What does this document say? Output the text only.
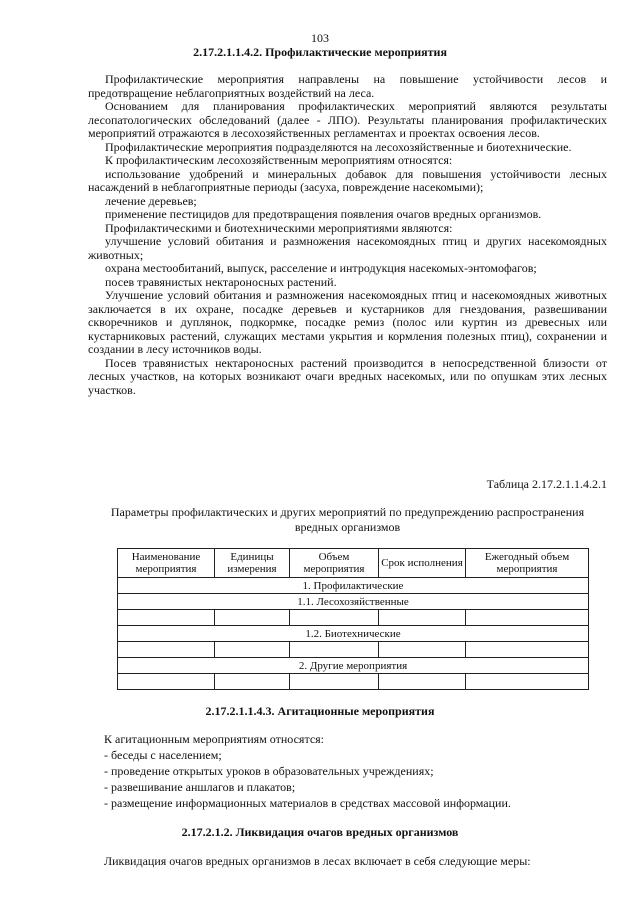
103
2.17.2.1.1.4.2. Профилактические мероприятия

Профилактические мероприятия направлены на повышение устойчивости лесов и предотвращение неблагоприятных воздействий на леса.

Основанием для планирования профилактических мероприятий являются результаты лесопатологических обследований (далее - ЛПО). Результаты планирования профилактических мероприятий отражаются в лесохозяйственных регламентах и проектах освоения лесов.

Профилактические мероприятия подразделяются на лесохозяйственные и биотехнические.

К профилактическим лесохозяйственным мероприятиям относятся:

использование удобрений и минеральных добавок для повышения устойчивости лесных насаждений в неблагоприятные периоды (засуха, повреждение насекомыми);

лечение деревьев;

применение пестицидов для предотвращения появления очагов вредных организмов.

Профилактическими и биотехническими мероприятиями являются:

улучшение условий обитания и размножения насекомоядных птиц и других насекомоядных животных;

охрана местообитаний, выпуск, расселение и интродукция насекомых-энтомофагов;

посев травянистых нектароносных растений.

Улучшение условий обитания и размножения насекомоядных птиц и насекомоядных животных заключается в их охране, посадке деревьев и кустарников для гнездования, развешивании скворечников и дуплянок, подкормке, посадке ремиз (полос или куртин из древесных или кустарниковых растений, служащих местами укрытия и кормления полезных птиц), сохранении и создании в лесу источников воды.

Посев травянистых нектароносных растений производится в непосредственной близости от лесных участков, на которых возникают очаги вредных насекомых, или по опушкам этих лесных участков.

Таблица 2.17.2.1.1.4.2.1
Параметры профилактических и других мероприятий по предупреждению распространения вредных организмов
Наименование мероприятия	Единицы измерения	Объем мероприятия	Срок исполнения	Ежегодный объем мероприятия
1. Профилактические				
1.1. Лесохозяйственные				

1.2. Биотехнические				

2. Другие мероприятия				

2.17.2.1.1.4.3. Агитационные мероприятия
К агитационным мероприятиям относятся:
- беседы с населением;
- проведение открытых уроков в образовательных учреждениях;
- развешивание аншлагов и плакатов;
- размещение информационных материалов в средствах массовой информации.
2.17.2.1.2. Ликвидация очагов вредных организмов
Ликвидация очагов вредных организмов в лесах включает в себя следующие меры:
